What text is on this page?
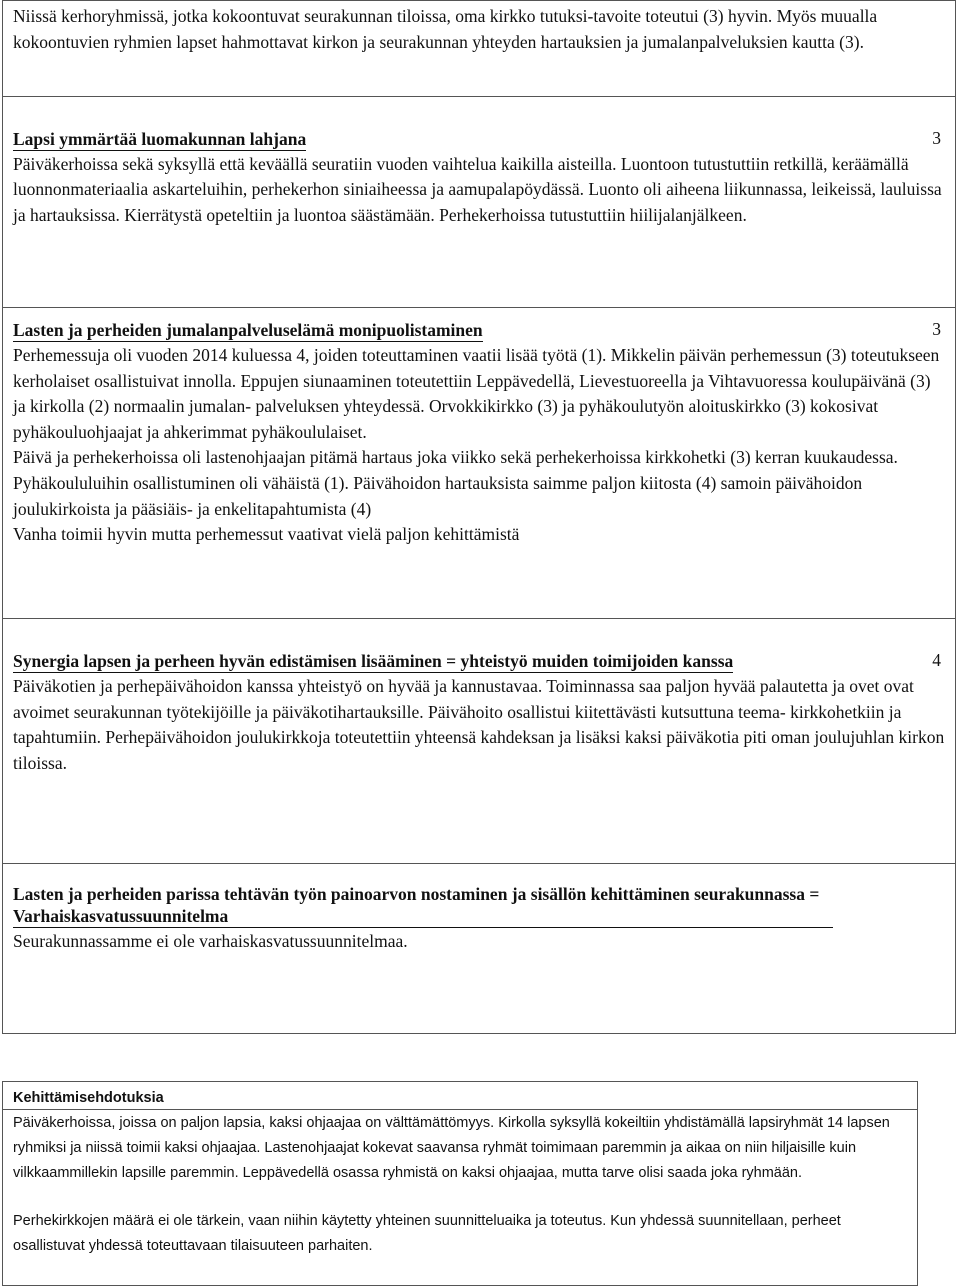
Niissä kerhoryhmissä, jotka kokoontuvat seurakunnan tiloissa, oma kirkko tutuksi-tavoite toteutui (3) hyvin. Myös muualla kokoontuvien ryhmien lapset hahmottavat kirkon ja seurakunnan yhteyden hartauksien ja jumalanpalveluksien kautta (3).

Lapsi ymmärtää luomakunnan lahjana	3

Päiväkerhoissa sekä syksyllä että keväällä seuratiin vuoden vaihtelua kaikilla aisteilla. Luontoon tutustuttiin retkillä, keräämällä luonnonmateriaalia askarteluihin, perhekerhon siniaiheessa ja aamupalapöydässä. Luonto oli aiheena liikunnassa, leikeissä, lauluissa ja hartauksissa. Kierrätystä opeteltiin ja luontoa säästämään. Perhekerhoissa tutustuttiin hiilijalanjälkeen.

Lasten ja perheiden jumalanpalveluselämä monipuolistaminen	3

Perhemessuja oli vuoden 2014 kuluessa 4, joiden toteuttaminen vaatii lisää työtä (1). Mikkelin päivän perhemessun (3) toteutukseen kerholaiset osallistuivat innolla. Eppujen siunaaminen toteutettiin Leppävedellä, Lievestuoreella ja Vihtavuoressa koulupäivänä (3) ja kirkolla (2) normaalin jumalan- palveluksen yhteydessä. Orvokkikirkko (3) ja pyhäkoulutyön aloituskirkko (3) kokosivat pyhäkouluohjaajat ja ahkerimmat pyhäkoululaiset.

Päivä ja perhekerhoissa oli lastenohjaajan pitämä hartaus joka viikko sekä perhekerhoissa kirkkohetki (3) kerran kuukaudessa. Pyhäkoululuihin osallistuminen oli vähäistä (1). Päivähoidon hartauksista saimme paljon kiitosta (4) samoin päivähoidon joulukirkoista ja pääsiäis- ja enkelitapahtumista (4)

Vanha toimii hyvin mutta perhemessut vaativat vielä paljon kehittämistä

Synergia lapsen ja perheen hyvän edistämisen lisääminen = yhteistyö muiden toimijoiden kanssa	4

Päiväkotien ja perhepäivähoidon kanssa yhteistyö on hyvää ja kannustavaa. Toiminnassa saa paljon hyvää palautetta ja ovet ovat avoimet seurakunnan työtekijöille ja päiväkotihartauksille. Päivähoito osallistui kiitettävästi kutsuttuna teema- kirkkohetkiin ja tapahtumiin. Perhepäivähoidon joulukirkkoja toteutettiin yhteensä kahdeksan ja lisäksi kaksi päiväkotia piti oman joulujuhlan kirkon tiloissa.

Lasten ja perheiden parissa tehtävän työn painoarvon nostaminen ja sisällön kehittäminen seurakunnassa = Varhaiskasvatussuunnitelma

Seurakunnassamme ei ole varhaiskasvatussuunnitelmaa.

Kehittämisehdotuksia

Päiväkerhoissa, joissa on paljon lapsia, kaksi ohjaajaa on välttämättömyys. Kirkolla syksyllä kokeiltiin yhdistämällä lapsiryhmät 14 lapsen ryhmiksi ja niissä toimii kaksi ohjaajaa. Lastenohjaajat kokevat saavansa ryhmät toimimaan paremmin ja aikaa on niin hiljaisille kuin vilkkaammillekin lapsille paremmin. Leppävedellä osassa ryhmistä on kaksi ohjaajaa, mutta tarve olisi saada joka ryhmään.

Perhekirkkojen määrä ei ole tärkein, vaan niihin käytetty yhteinen suunnitteluaika ja toteutus. Kun yhdessä suunnitellaan, perheet osallistuvat yhdessä toteuttavaan tilaisuuteen parhaiten.
